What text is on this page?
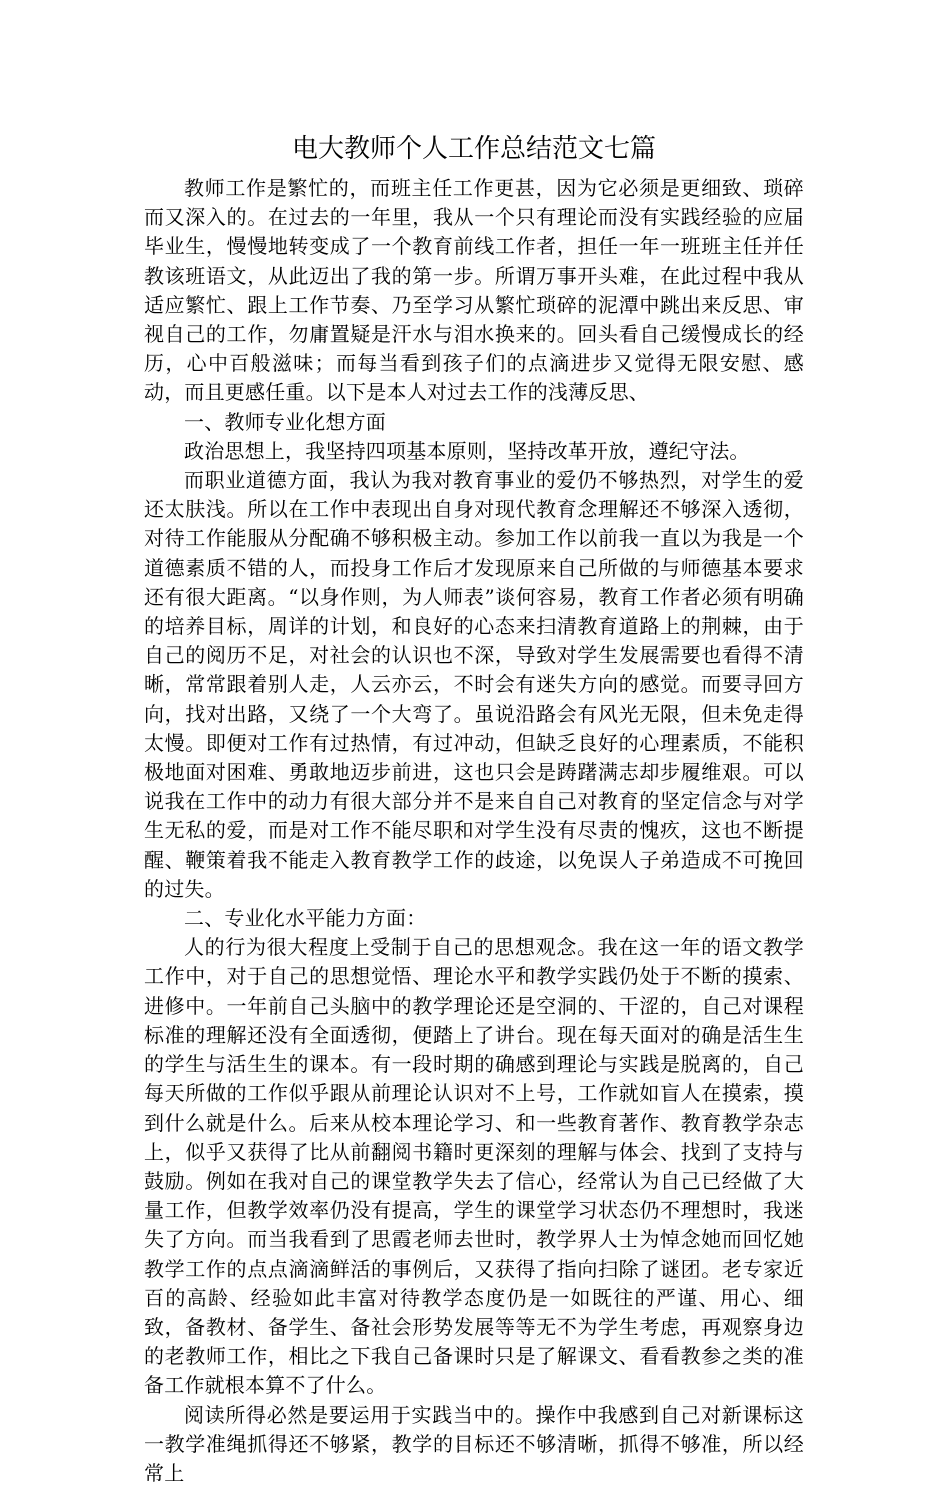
电大教师个人工作总结范文七篇

教师工作是繁忙的，而班主任工作更甚，因为它必须是更细致、琐碎而又深入的。在过去的一年里，我从一个只有理论而没有实践经验的应届毕业生，慢慢地转变成了一个教育前线工作者，担任一年一班班主任并任教该班语文，从此迈出了我的第一步。所谓万事开头难，在此过程中我从适应繁忙、跟上工作节奏、乃至学习从繁忙琐碎的泥潭中跳出来反思、审视自己的工作，勿庸置疑是汗水与泪水换来的。回头看自己缓慢成长的经历，心中百般滋味；而每当看到孩子们的点滴进步又觉得无限安慰、感动，而且更感任重。以下是本人对过去工作的浅薄反思、

一、教师专业化想方面

政治思想上，我坚持四项基本原则，坚持改革开放，遵纪守法。

而职业道德方面，我认为我对教育事业的爱仍不够热烈，对学生的爱还太肤浅。所以在工作中表现出自身对现代教育念理解还不够深入透彻，对待工作能服从分配确不够积极主动。参加工作以前我一直以为我是一个道德素质不错的人，而投身工作后才发现原来自己所做的与师德基本要求还有很大距离。“以身作则，为人师表”谈何容易，教育工作者必须有明确的培养目标，周详的计划，和良好的心态来扫清教育道路上的荆棘，由于自己的阅历不足，对社会的认识也不深，导致对学生发展需要也看得不清晰，常常跟着别人走，人云亦云，不时会有迷失方向的感觉。而要寻回方向，找对出路，又绕了一个大弯了。虽说沿路会有风光无限，但未免走得太慢。即便对工作有过热情，有过冲动，但缺乏良好的心理素质，不能积极地面对困难、勇敢地迈步前进，这也只会是踌躇满志却步履维艰。可以说我在工作中的动力有很大部分并不是来自自己对教育的坚定信念与对学生无私的爱，而是对工作不能尽职和对学生没有尽责的愧疚，这也不断提醒、鞭策着我不能走入教育教学工作的歧途，以免误人子弟造成不可挽回的过失。

二、专业化水平能力方面：

人的行为很大程度上受制于自己的思想观念。我在这一年的语文教学工作中，对于自己的思想觉悟、理论水平和教学实践仍处于不断的摸索、进修中。一年前自己头脑中的教学理论还是空洞的、干涩的，自己对课程标准的理解还没有全面透彻，便踏上了讲台。现在每天面对的确是活生生的学生与活生生的课本。有一段时期的确感到理论与实践是脱离的，自己每天所做的工作似乎跟从前理论认识对不上号，工作就如盲人在摸索，摸到什么就是什么。后来从校本理论学习、和一些教育著作、教育教学杂志上，似乎又获得了比从前翻阅书籍时更深刻的理解与体会、找到了支持与鼓励。例如在我对自己的课堂教学失去了信心，经常认为自己已经做了大量工作，但教学效率仍没有提高，学生的课堂学习状态仍不理想时，我迷失了方向。而当我看到了思霞老师去世时，教学界人士为悼念她而回忆她教学工作的点点滴滴鲜活的事例后，又获得了指向扫除了谜团。老专家近百的高龄、经验如此丰富对待教学态度仍是一如既往的严谨、用心、细致，备教材、备学生、备社会形势发展等等无不为学生考虑，再观察身边的老教师工作，相比之下我自己备课时只是了解课文、看看教参之类的准备工作就根本算不了什么。

阅读所得必然是要运用于实践当中的。操作中我感到自己对新课标这一教学准绳抓得还不够紧，教学的目标还不够清晰，抓得不够准，所以经常上
